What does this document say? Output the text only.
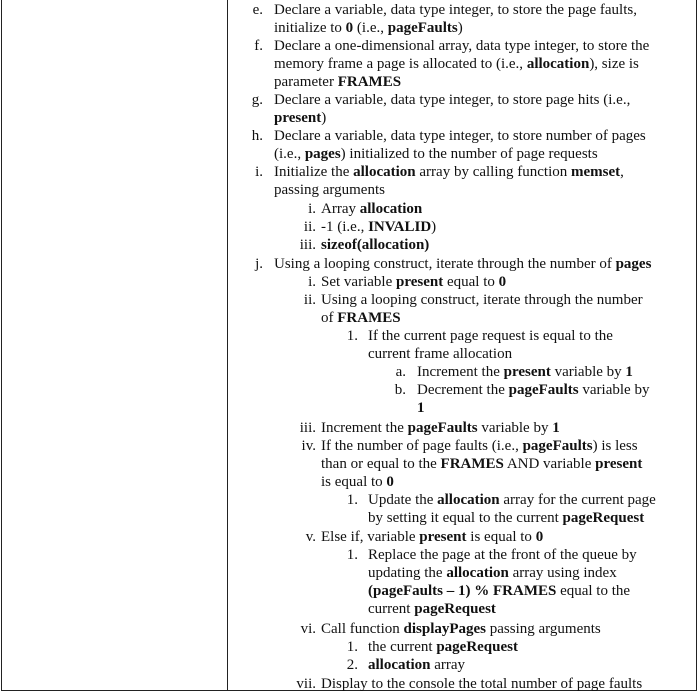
e. Declare a variable, data type integer, to store the page faults,
initialize to 0 (i.e., pageFaults)
f. Declare a one-dimensional array, data type integer, to store the
memory frame a page is allocated to (i.e., allocation), size is
parameter FRAMES
g. Declare a variable, data type integer, to store page hits (i.e.,
present)
h. Declare a variable, data type integer, to store number of pages
(i.e., pages) initialized to the number of page requests
i. Initialize the allocation array by calling function memset,
passing arguments
i. Array allocation
ii. -1 (i.e., INVALID)
iii. sizeof(allocation)
j. Using a looping construct, iterate through the number of pages
i. Set variable present equal to 0
ii. Using a looping construct, iterate through the number
of FRAMES
1. If the current page request is equal to the
current frame allocation
a. Increment the present variable by 1
b. Decrement the pageFaults variable by
1
iii. Increment the pageFaults variable by 1
iv. If the number of page faults (i.e., pageFaults) is less
than or equal to the FRAMES AND variable present
is equal to 0
1. Update the allocation array for the current page
by setting it equal to the current pageRequest
v. Else if, variable present is equal to 0
1. Replace the page at the front of the queue by
updating the allocation array using index
(pageFaults – 1) % FRAMES equal to the
current pageRequest
vi. Call function displayPages passing arguments
1. the current pageRequest
2. allocation array
vii. Display to the console the total number of page faults
